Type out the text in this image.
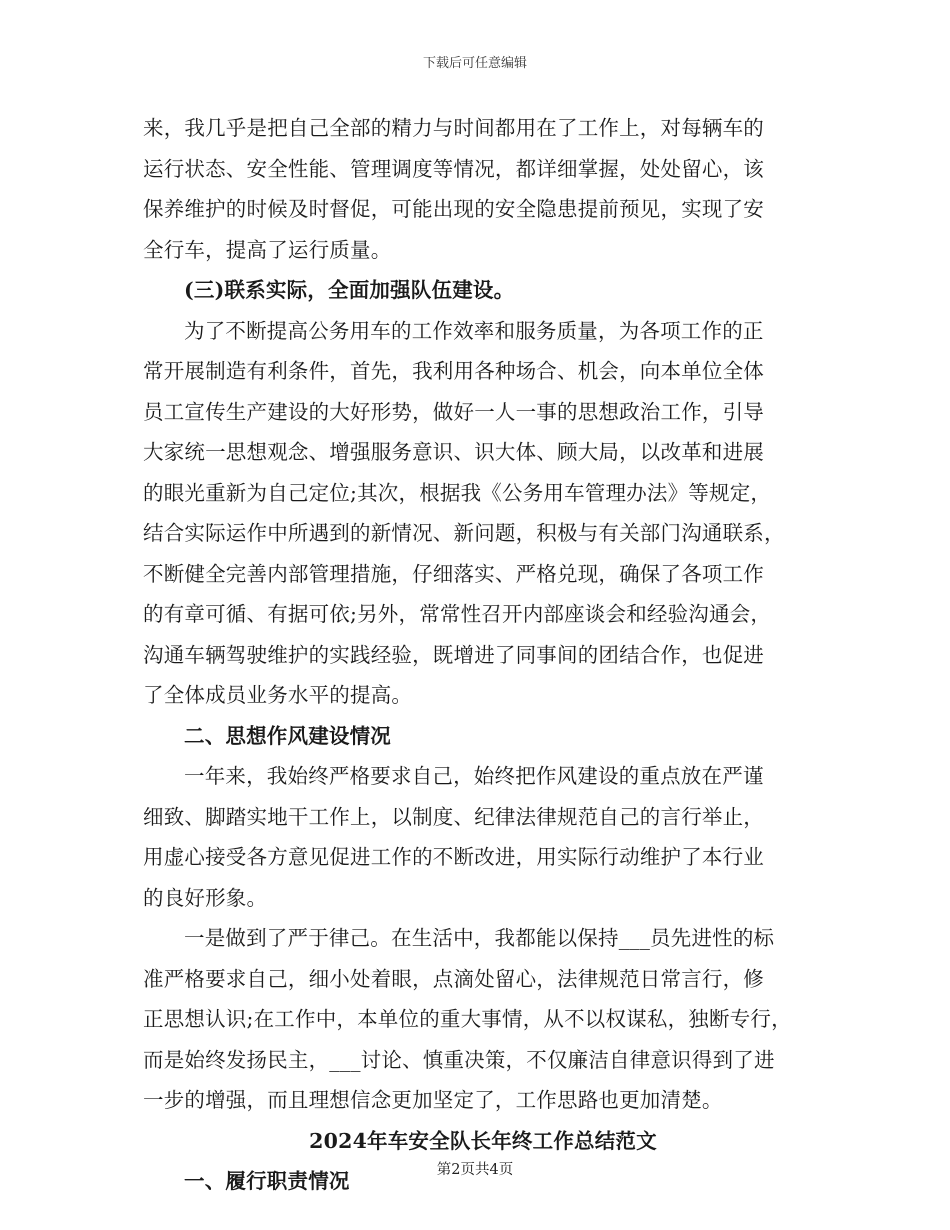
下载后可任意编辑
来，我几乎是把自己全部的精力与时间都用在了工作上，对每辆车的
运行状态、安全性能、管理调度等情况，都详细掌握，处处留心，该
保养维护的时候及时督促，可能出现的安全隐患提前预见，实现了安
全行车，提高了运行质量。
(三)联系实际，全面加强队伍建设。
为了不断提高公务用车的工作效率和服务质量，为各项工作的正
常开展制造有利条件，首先，我利用各种场合、机会，向本单位全体
员工宣传生产建设的大好形势，做好一人一事的思想政治工作，引导
大家统一思想观念、增强服务意识、识大体、顾大局，以改革和进展
的眼光重新为自己定位;其次，根据我《公务用车管理办法》等规定，
结合实际运作中所遇到的新情况、新问题，积极与有关部门沟通联系，
不断健全完善内部管理措施，仔细落实、严格兑现，确保了各项工作
的有章可循、有据可依;另外，常常性召开内部座谈会和经验沟通会，
沟通车辆驾驶维护的实践经验，既增进了同事间的团结合作，也促进
了全体成员业务水平的提高。
二、思想作风建设情况
一年来，我始终严格要求自己，始终把作风建设的重点放在严谨
细致、脚踏实地干工作上，以制度、纪律法律规范自己的言行举止，
用虚心接受各方意见促进工作的不断改进，用实际行动维护了本行业
的良好形象。
一是做到了严于律己。在生活中，我都能以保持___员先进性的标
准严格要求自己，细小处着眼，点滴处留心，法律规范日常言行，修
正思想认识;在工作中，本单位的重大事情，从不以权谋私，独断专行，
而是始终发扬民主，___讨论、慎重决策，不仅廉洁自律意识得到了进
一步的增强，而且理想信念更加坚定了，工作思路也更加清楚。
2024年车安全队长年终工作总结范文
一、履行职责情况	第2页共4页
